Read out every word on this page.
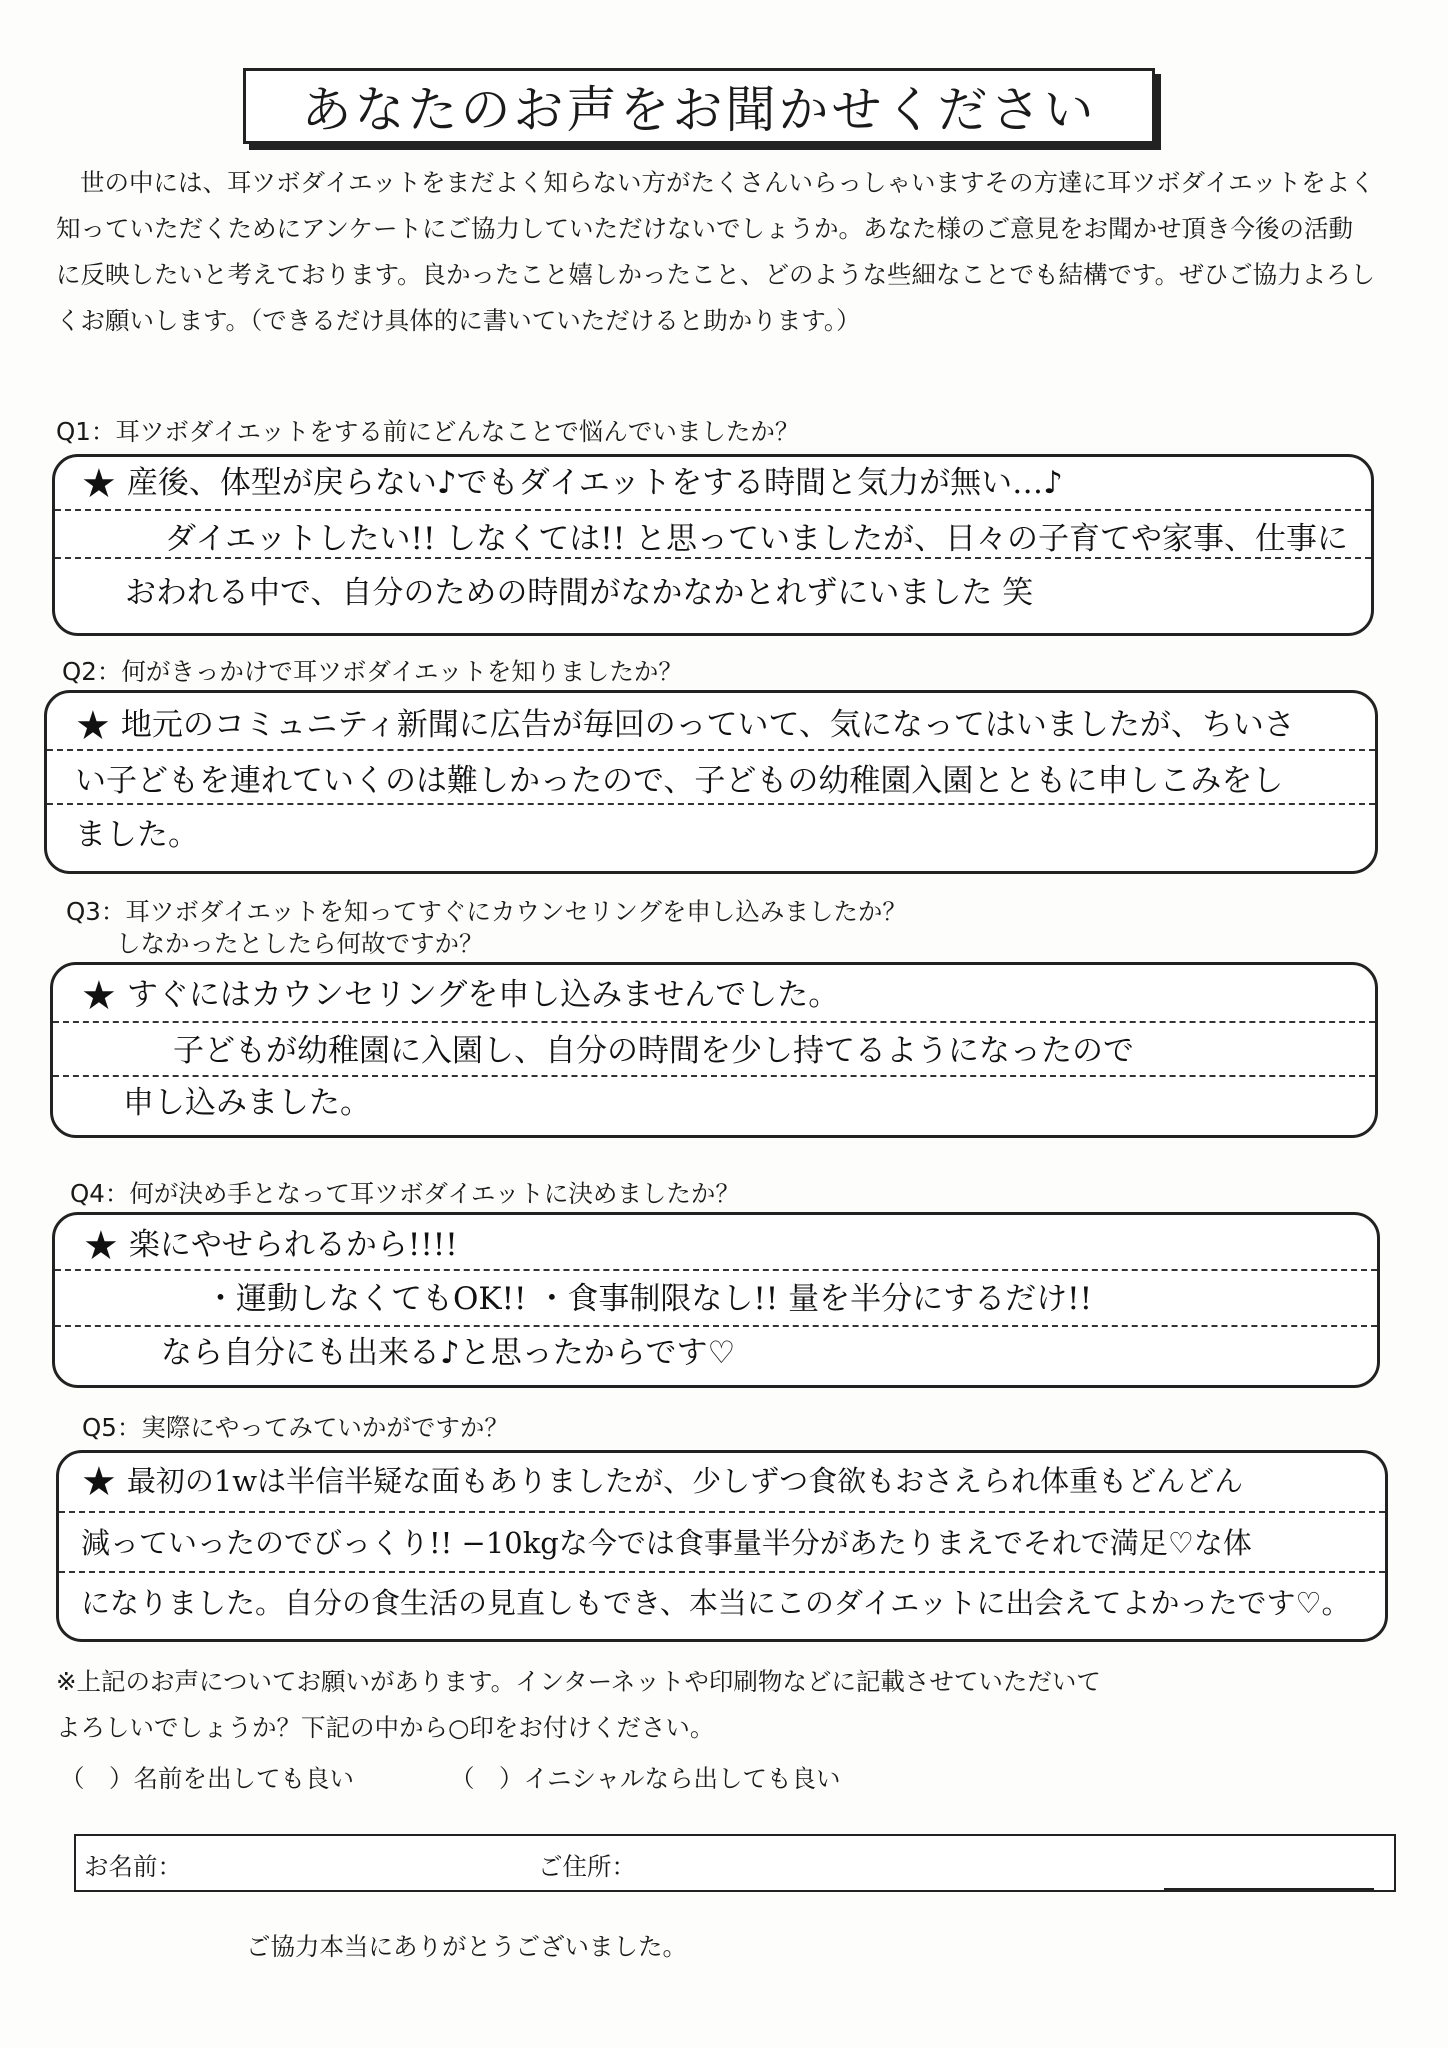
あなたのお声をお聞かせください

世の中には、耳ツボダイエットをまだよく知らない方がたくさんいらっしゃいますその方達に耳ツボダイエットをよく知っていただくためにアンケートにご協力していただけないでしょうか。あなた様のご意見をお聞かせ頂き今後の活動に反映したいと考えております。良かったこと嬉しかったこと、どのような些細なことでも結構です。ぜひご協力よろしくお願いします。（できるだけ具体的に書いていただけると助かります。）

Q1：耳ツボダイエットをする前にどんなことで悩んでいましたか？

★ 産後、体型が戻らない♪でもダイエットをする時間と気力が無い…♪

ダイエットしたい!! しなくては!! と思っていましたが、日々の子育てや家事、仕事に

おわれる中で、自分のための時間がなかなかとれずにいました 笑

Q2：何がきっかけで耳ツボダイエットを知りましたか？

★ 地元のコミュニティ新聞に広告が毎回のっていて、気になってはいましたが、ちいさ

い子どもを連れていくのは難しかったので、子どもの幼稚園入園とともに申しこみをし

ました。

Q3：耳ツボダイエットを知ってすぐにカウンセリングを申し込みましたか？

しなかったとしたら何故ですか？

★ すぐにはカウンセリングを申し込みませんでした。

子どもが幼稚園に入園し、自分の時間を少し持てるようになったので

申し込みました。

Q4：何が決め手となって耳ツボダイエットに決めましたか？

★ 楽にやせられるから!!!!

・運動しなくてもOK!! ・食事制限なし!! 量を半分にするだけ!!

なら自分にも出来る♪と思ったからです♡

Q5：実際にやってみていかがですか？

★ 最初の1wは半信半疑な面もありましたが、少しずつ食欲もおさえられ体重もどんどん

減っていったのでびっくり!! −10kgな今では食事量半分があたりまえでそれで満足♡な体

になりました。自分の食生活の見直しもでき、本当にこのダイエットに出会えてよかったです♡。

※上記のお声についてお願いがあります。インターネットや印刷物などに記載させていただいて

よろしいでしょうか？下記の中から○印をお付けください。

（　）名前を出しても良い	（　）イニシャルなら出しても良い
お名前：	ご住所：
ご協力本当にありがとうございました。
